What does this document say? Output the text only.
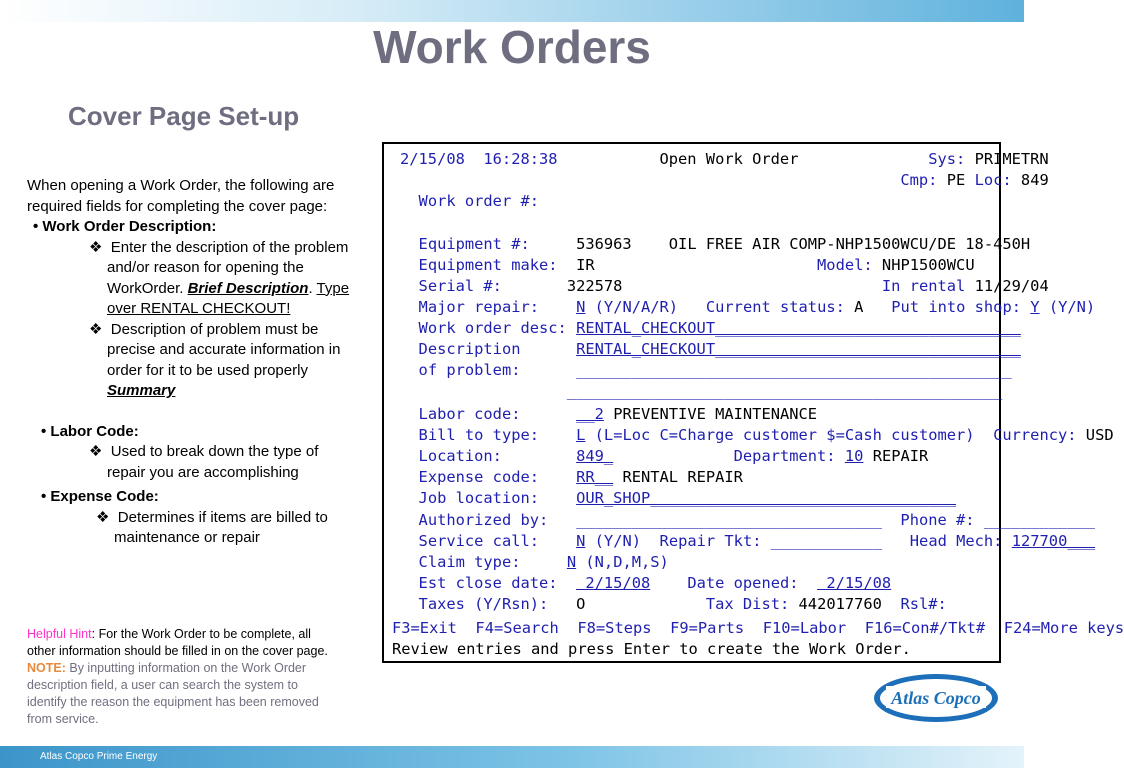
Work Orders
Cover Page Set-up

When opening a Work Order, the following are required fields for completing the cover page:

• Work Order Description:

❖ Enter the description of the problem and/or reason for opening the WorkOrder. Brief Description. Type over RENTAL CHECKOUT!

❖ Description of problem must be precise and accurate information in order for it to be used properly Summary

• Labor Code:

❖ Used to break down the type of repair you are accomplishing

• Expense Code:

❖ Determines if items are billed to maintenance or repair

Helpful Hint: For the Work Order to be complete, all other information should be filled in on the cover page.

NOTE: By inputting information on the Work Order description field, a user can search the system to identify the reason the equipment has been removed from service.

2/15/08  16:28:38	Open Work Order	Sys: PRIMETRN
Cmp: PE Loc: 849
Work order #:
Equipment #:	536963 OIL FREE AIR COMP-NHP1500WCU/DE 18-450H
Equipment make: IR	Model: NHP1500WCU
Serial #:	322578	In rental 11/29/04
Major repair: N (Y/N/A/R) Current status: A Put into shop: Y (Y/N)
Work order desc: RENTAL_CHECKOUT_________________________________
Description	RENTAL_CHECKOUT_________________________________
of problem:	_______________________________________________
_______________________________________________
Labor code:	__2 PREVENTIVE MAINTENANCE
Bill to type: L (L=Loc C=Charge customer $=Cash customer) Currency: USD
Location:	849_	Department: 10 REPAIR
Expense code: RR__ RENTAL REPAIR
Job location: OUR_SHOP_________________________________
Authorized by: _________________________________ Phone #: ____________
Service call: N (Y/N) Repair Tkt: ____________ Head Mech: 127700___
Claim type:	N (N,D,M,S)
Est close date:   2/15/08 Date opened:   2/15/08
Taxes (Y/Rsn): O	Tax Dist: 442017760 Rsl#:
F3=Exit F4=Search F8=Steps F9=Parts F10=Labor F16=Con#/Tkt# F24=More keys
Review entries and press Enter to create the Work Order.
Atlas Copco
Atlas Copco Prime Energy
